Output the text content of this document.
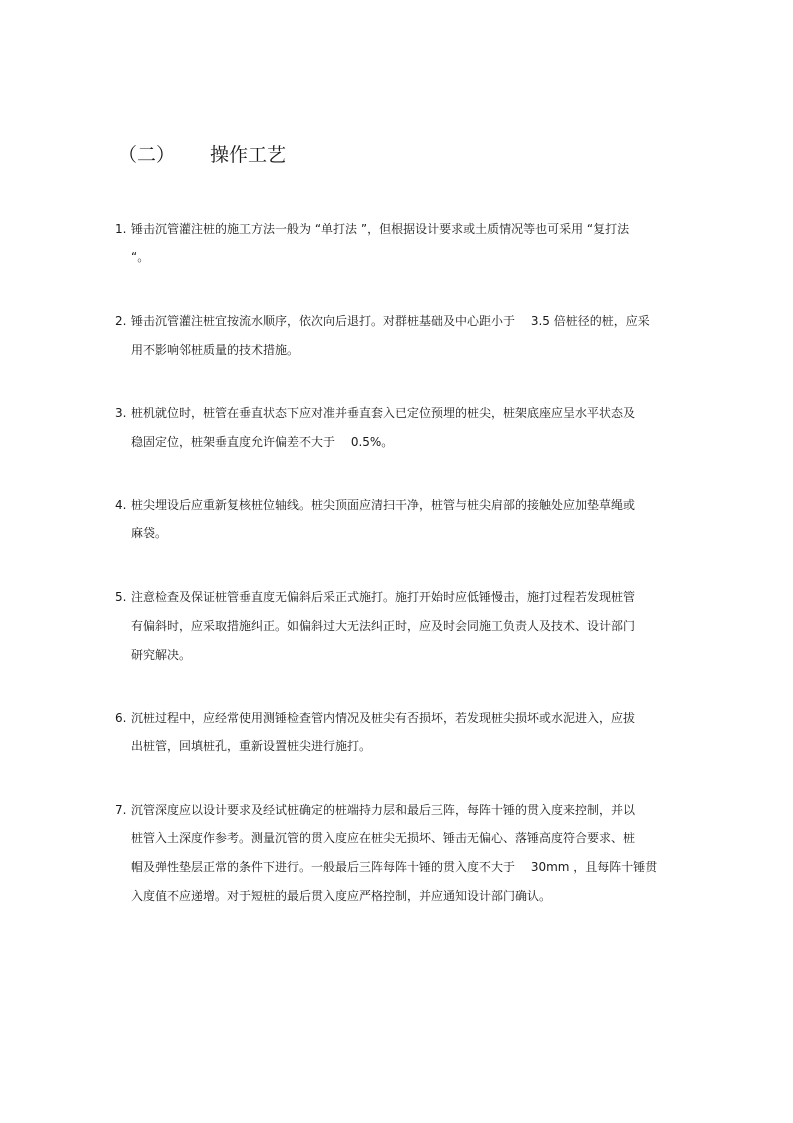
（二） 操作工艺
1. 锤击沉管灌注桩的施工方法一般为 “单打法 ”，但根据设计要求或土质情况等也可采用 “复打法
“。
2. 锤击沉管灌注桩宜按流水顺序，依次向后退打。对群桩基础及中心距小于 　3.5 倍桩径的桩，应采
用不影响邻桩质量的技术措施。
3. 桩机就位时，桩管在垂直状态下应对准并垂直套入已定位预埋的桩尖，桩架底座应呈水平状态及
稳固定位，桩架垂直度允许偏差不大于 　0.5%。
4. 桩尖埋设后应重新复核桩位轴线。桩尖顶面应清扫干净，桩管与桩尖肩部的接触处应加垫草绳或
麻袋。
5. 注意检查及保证桩管垂直度无偏斜后采正式施打。施打开始时应低锤慢击，施打过程若发现桩管
有偏斜时，应采取措施纠正。如偏斜过大无法纠正时，应及时会同施工负责人及技术、设计部门
研究解决。
6. 沉桩过程中，应经常使用测锤检查管内情况及桩尖有否损坏，若发现桩尖损坏或水泥进入，应拔
出桩管，回填桩孔，重新设置桩尖进行施打。
7. 沉管深度应以设计要求及经试桩确定的桩端持力层和最后三阵，每阵十锤的贯入度来控制，并以
桩管入土深度作参考。测量沉管的贯入度应在桩尖无损坏、锤击无偏心、落锤高度符合要求、桩
帽及弹性垫层正常的条件下进行。一般最后三阵每阵十锤的贯入度不大于 　30mm ，且每阵十锤贯
入度值不应递增。对于短桩的最后贯入度应严格控制，并应通知设计部门确认。
